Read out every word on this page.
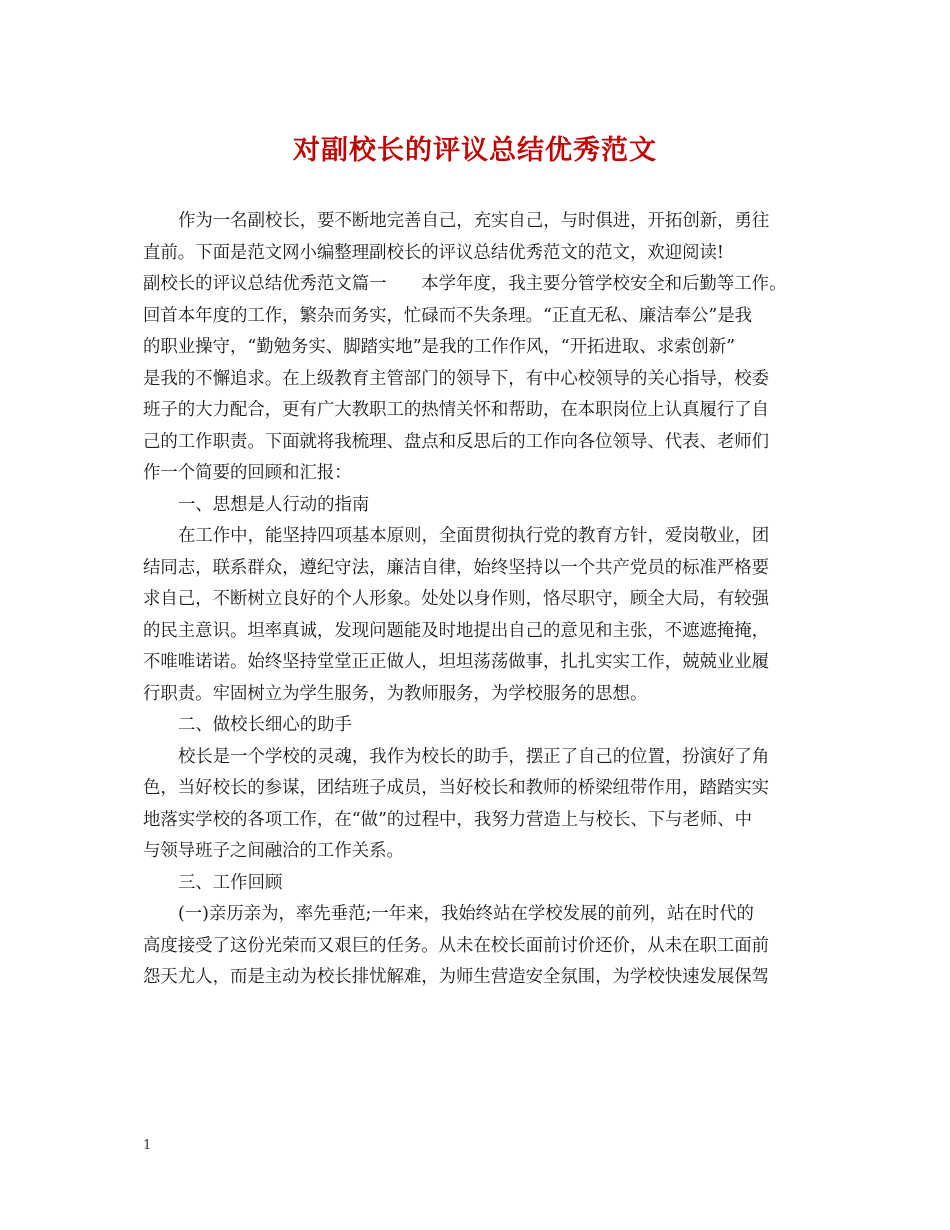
对副校长的评议总结优秀范文
作为一名副校长，要不断地完善自己，充实自己，与时俱进，开拓创新，勇往
直前。下面是范文网小编整理副校长的评议总结优秀范文的范文，欢迎阅读!
副校长的评议总结优秀范文篇一　　本学年度，我主要分管学校安全和后勤等工作。
回首本年度的工作，繁杂而务实，忙碌而不失条理。“正直无私、廉洁奉公”是我
的职业操守，“勤勉务实、脚踏实地”是我的工作作风，“开拓进取、求索创新”
是我的不懈追求。在上级教育主管部门的领导下，有中心校领导的关心指导，校委
班子的大力配合，更有广大教职工的热情关怀和帮助，在本职岗位上认真履行了自
己的工作职责。下面就将我梳理、盘点和反思后的工作向各位领导、代表、老师们
作一个简要的回顾和汇报：
一、思想是人行动的指南
在工作中，能坚持四项基本原则，全面贯彻执行党的教育方针，爱岗敬业，团
结同志，联系群众，遵纪守法，廉洁自律，始终坚持以一个共产党员的标准严格要
求自己，不断树立良好的个人形象。处处以身作则，恪尽职守，顾全大局，有较强
的民主意识。坦率真诚，发现问题能及时地提出自己的意见和主张，不遮遮掩掩，
不唯唯诺诺。始终坚持堂堂正正做人，坦坦荡荡做事，扎扎实实工作，兢兢业业履
行职责。牢固树立为学生服务，为教师服务，为学校服务的思想。
二、做校长细心的助手
校长是一个学校的灵魂，我作为校长的助手，摆正了自己的位置，扮演好了角
色，当好校长的参谋，团结班子成员，当好校长和教师的桥梁纽带作用，踏踏实实
地落实学校的各项工作，在“做”的过程中，我努力营造上与校长、下与老师、中
与领导班子之间融洽的工作关系。
三、工作回顾
(一)亲历亲为，率先垂范;一年来，我始终站在学校发展的前列，站在时代的
高度接受了这份光荣而又艰巨的任务。从未在校长面前讨价还价，从未在职工面前
怨天尤人，而是主动为校长排忧解难，为师生营造安全氛围，为学校快速发展保驾
1
